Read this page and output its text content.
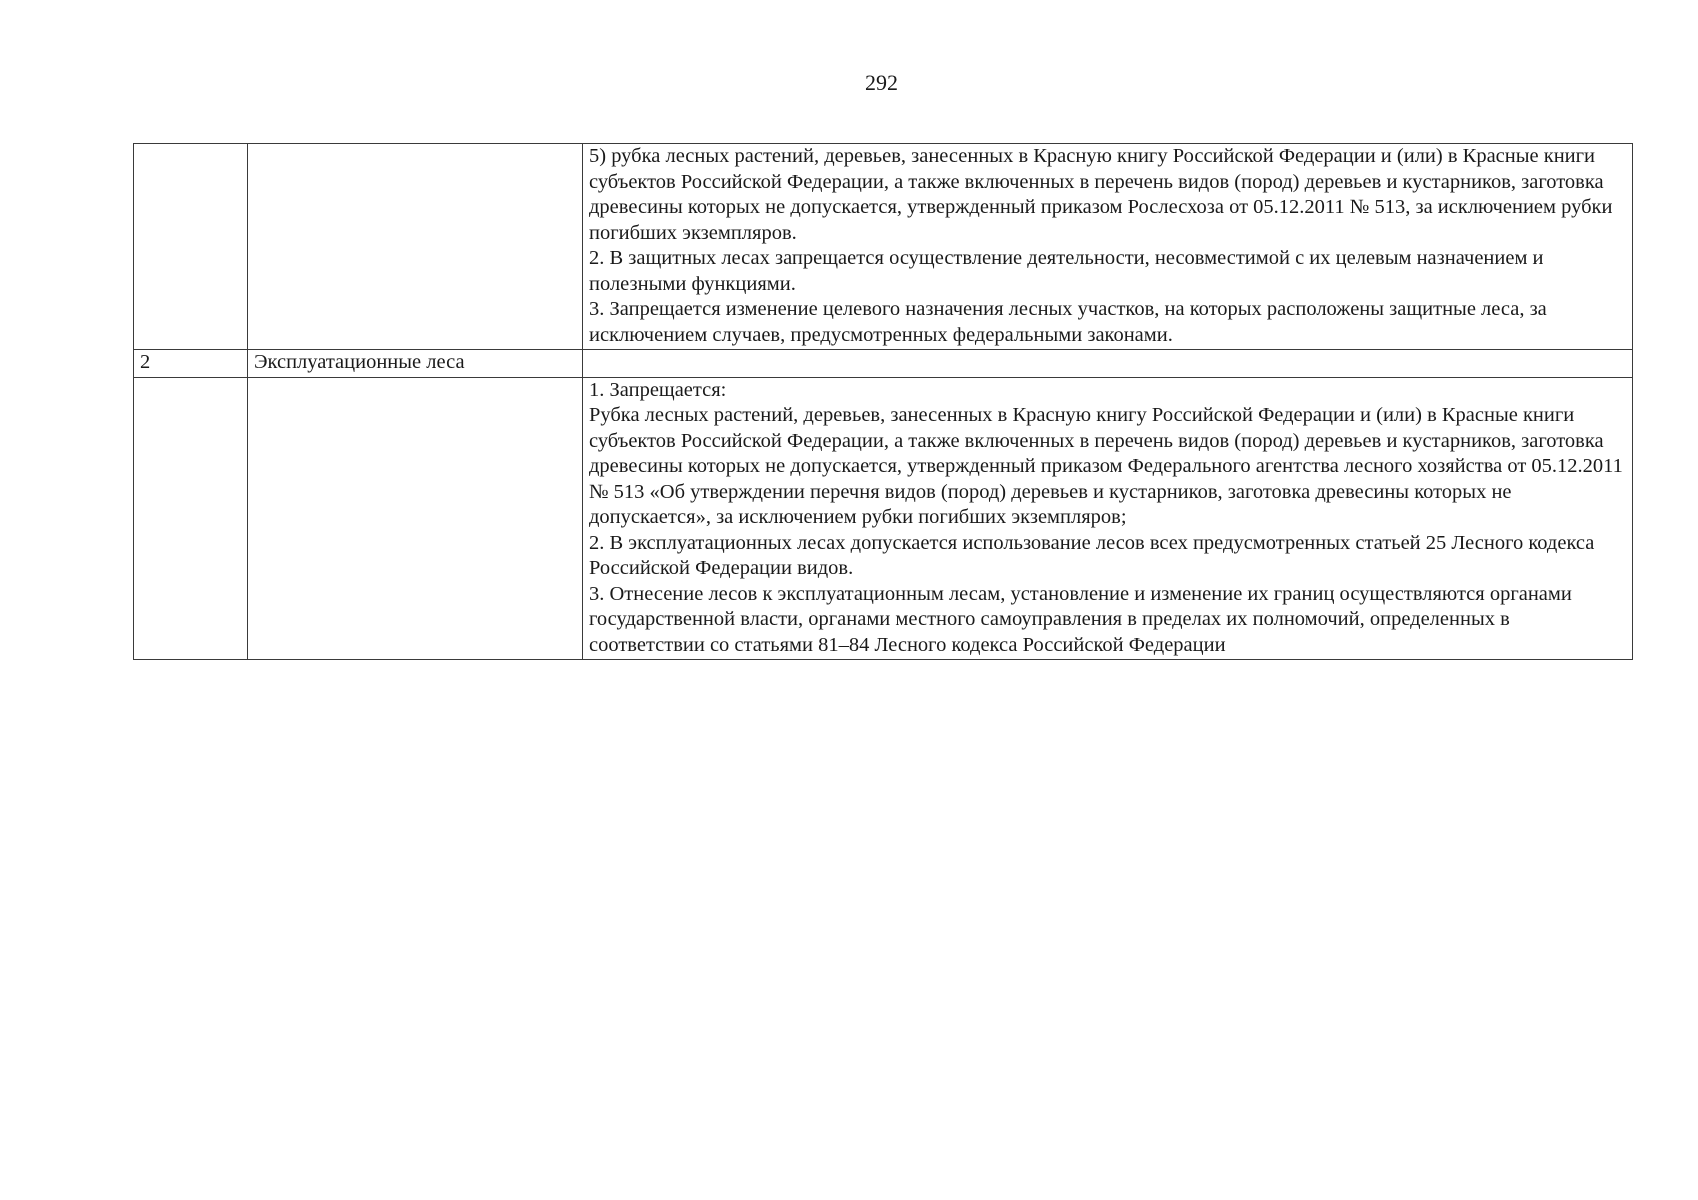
292

		5) рубка лесных растений, деревьев, занесенных в Красную книгу Российской Федерации и (или) в Красные книги субъектов Российской Федерации, а также включенных в перечень видов (пород) деревьев и кустарников, заготовка древесины которых не допускается, утвержденный приказом Рослесхоза от 05.12.2011 № 513, за исключением рубки погибших экземпляров.
2. В защитных лесах запрещается осуществление деятельности, несовместимой с их целевым назначением и полезными функциями.
3. Запрещается изменение целевого назначения лесных участков, на которых расположены защитные леса, за исключением случаев, предусмотренных федеральными законами.

2	Эксплуатационные леса	

		1. Запрещается:
Рубка лесных растений, деревьев, занесенных в Красную книгу Российской Федерации и (или) в Красные книги субъектов Российской Федерации, а также включенных в перечень видов (пород) деревьев и кустарников, заготовка древесины которых не допускается, утвержденный приказом Федерального агентства лесного хозяйства от 05.12.2011 № 513 «Об утверждении перечня видов (пород) деревьев и кустарников, заготовка древесины которых не допускается», за исключением рубки погибших экземпляров;
2. В эксплуатационных лесах допускается использование лесов всех предусмотренных статьей 25 Лесного кодекса Российской Федерации видов.
3. Отнесение лесов к эксплуатационным лесам, установление и изменение их границ осуществляются органами государственной власти, органами местного самоуправления в пределах их полномочий, определенных в соответствии со статьями 81–84 Лесного кодекса Российской Федерации
